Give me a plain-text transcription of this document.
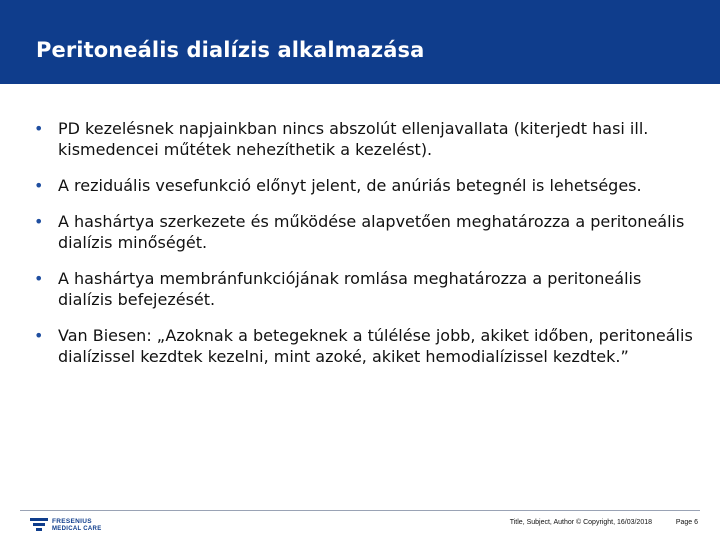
Peritoneális dialízis alkalmazása
• PD kezelésnek napjainkban nincs abszolút ellenjavallata (kiterjedt hasi ill. kismedencei műtétek nehezíthetik a kezelést).
• A reziduális vesefunkció előnyt jelent, de anúriás betegnél is lehetséges.
• A hashártya szerkezete és működése alapvetően meghatározza a peritoneális dialízis minőségét.
• A hashártya membránfunkciójának romlása meghatározza a peritoneális dialízis befejezését.
• Van Biesen: „Azoknak a betegeknek a túlélése jobb, akiket időben, peritoneális dialízissel kezdtek kezelni, mint azoké, akiket hemodialízissel kezdtek.”
FRESENIUS
MEDICAL CARE
Title, Subject, Author © Copyright, 16/03/2018	Page 6
